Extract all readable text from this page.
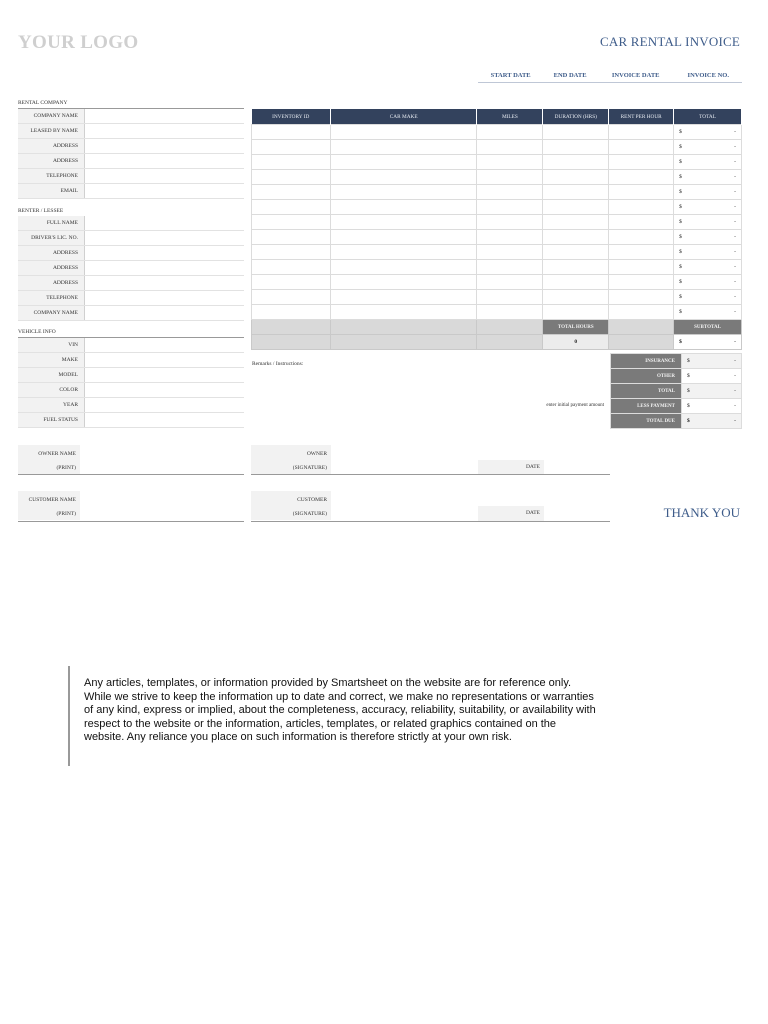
YOUR LOGO	CAR RENTAL INVOICE
START DATE	END DATE	INVOICE DATE	INVOICE NO.
RENTAL COMPANY
COMPANY NAME	
LEASED BY NAME	
ADDRESS	
ADDRESS	
TELEPHONE	
EMAIL	
RENTER / LESSEE
FULL NAME	
DRIVER'S LIC. NO.	
ADDRESS	
ADDRESS	
ADDRESS	
TELEPHONE	
COMPANY NAME	
VEHICLE INFO
VIN	
MAKE	
MODEL	
COLOR	
YEAR	
FUEL STATUS	
INVENTORY ID	CAR MAKE	MILES	DURATION (HRS)	RENT PER HOUR	TOTAL

					$ -

					$ -

					$ -

					$ -

					$ -

					$ -

					$ -

					$ -

					$ -

					$ -

					$ -

					$ -

					$ -

			TOTAL HOURS		SUBTOTAL
			0		$ -
Remarks / Instructions:
enter initial payment amount
INSURANCE	$ -

OTHER	$ -

TOTAL	$ -

LESS PAYMENT	$ -

TOTAL DUE	$ -
OWNER NAME
(PRINT)
OWNER
(SIGNATURE)	DATE
CUSTOMER NAME
(PRINT)
CUSTOMER
(SIGNATURE)	DATE	THANK YOU
Any articles, templates, or information provided by Smartsheet on the website are for reference only. While we strive to keep the information up to date and correct, we make no representations or warranties of any kind, express or implied, about the completeness, accuracy, reliability, suitability, or availability with respect to the website or the information, articles, templates, or related graphics contained on the website. Any reliance you place on such information is therefore strictly at your own risk.
